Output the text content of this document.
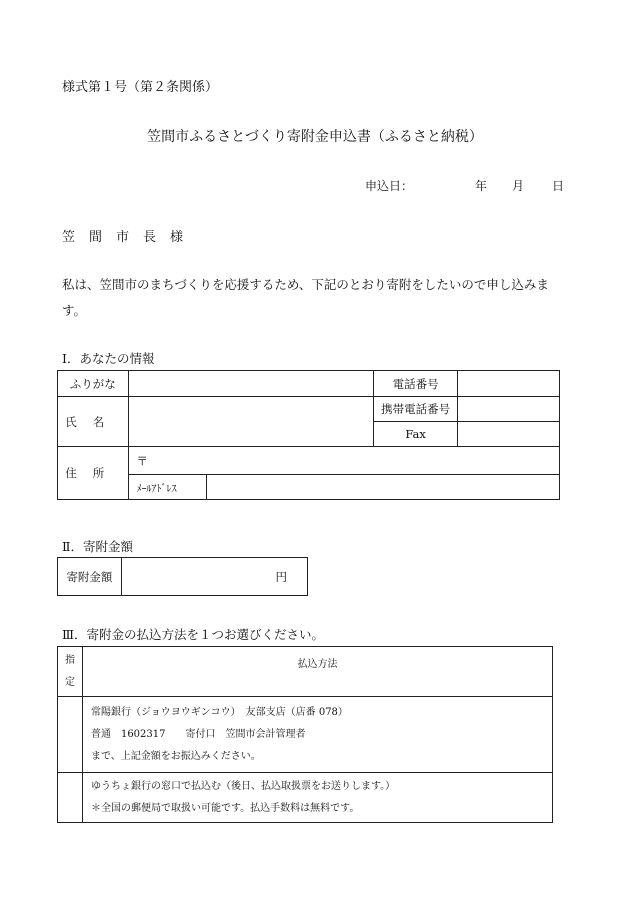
様式第１号（第２条関係）
笠間市ふるさとづくり寄附金申込書（ふるさと納税）
申込日：	年 月 日
笠間市長様
私は、笠間市のまちづくりを応援するため、下記のとおり寄附をしたいので申し込みます。
Ⅰ．あなたの情報
ふりがな			電話番号	
氏名			携帯電話番号	
			Fax	
住所	〒			
	ﾒｰﾙｱﾄﾞﾚｽ			
Ⅱ．寄附金額
寄附金額	円
Ⅲ．寄附金の払込方法を１つお選びください。
指
定	払込方法

	常陽銀行（ジョウヨウギンコウ）　友部支店（店番 078）
普通　1602317　　寄付口　笠間市会計管理者
まで、上記金額をお振込みください。

	ゆうちょ銀行の窓口で払込む（後日、払込取扱票をお送りします。）
＊全国の郵便局で取扱い可能です。払込手数料は無料です。
